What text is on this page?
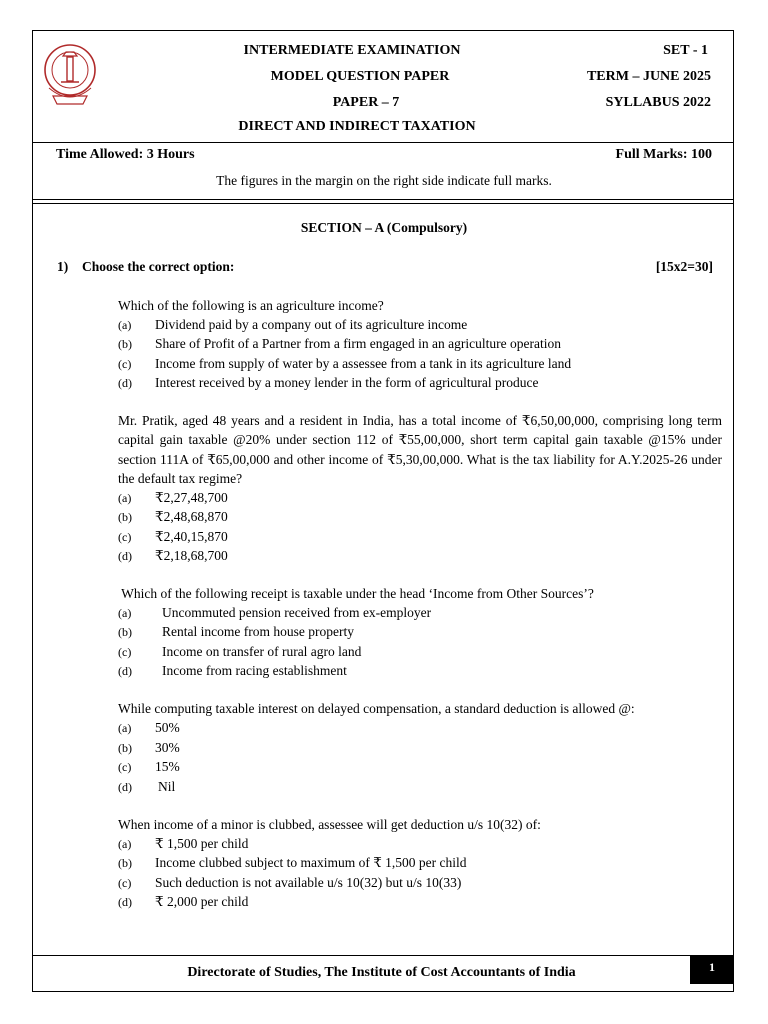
INTERMEDIATE EXAMINATION
MODEL QUESTION PAPER
PAPER – 7
DIRECT AND INDIRECT TAXATION
SET - 1
TERM – JUNE 2025
SYLLABUS 2022
Time Allowed: 3 Hours	Full Marks: 100
The figures in the margin on the right side indicate full marks.
SECTION – A (Compulsory)
1) Choose the correct option:	[15x2=30]
Which of the following is an agriculture income?
(a) Dividend paid by a company out of its agriculture income
(b) Share of Profit of a Partner from a firm engaged in an agriculture operation
(c) Income from supply of water by a assessee from a tank in its agriculture land
(d) Interest received by a money lender in the form of agricultural produce
Mr. Pratik, aged 48 years and a resident in India, has a total income of ₹6,50,00,000, comprising long term capital gain taxable @20% under section 112 of ₹55,00,000, short term capital gain taxable @15% under section 111A of ₹65,00,000 and other income of ₹5,30,00,000. What is the tax liability for A.Y.2025-26 under the default tax regime?
(a) ₹2,27,48,700
(b) ₹2,48,68,870
(c) ₹2,40,15,870
(d) ₹2,18,68,700
Which of the following receipt is taxable under the head ‘Income from Other Sources’?
(a) Uncommuted pension received from ex-employer
(b) Rental income from house property
(c) Income on transfer of rural agro land
(d) Income from racing establishment
While computing taxable interest on delayed compensation, a standard deduction is allowed @:
(a) 50%
(b) 30%
(c) 15%
(d) Nil
When income of a minor is clubbed, assessee will get deduction u/s 10(32) of:
(a) ₹ 1,500 per child
(b) Income clubbed subject to maximum of ₹ 1,500 per child
(c) Such deduction is not available u/s 10(32) but u/s 10(33)
(d) ₹ 2,000 per child
Directorate of Studies, The Institute of Cost Accountants of India	1
